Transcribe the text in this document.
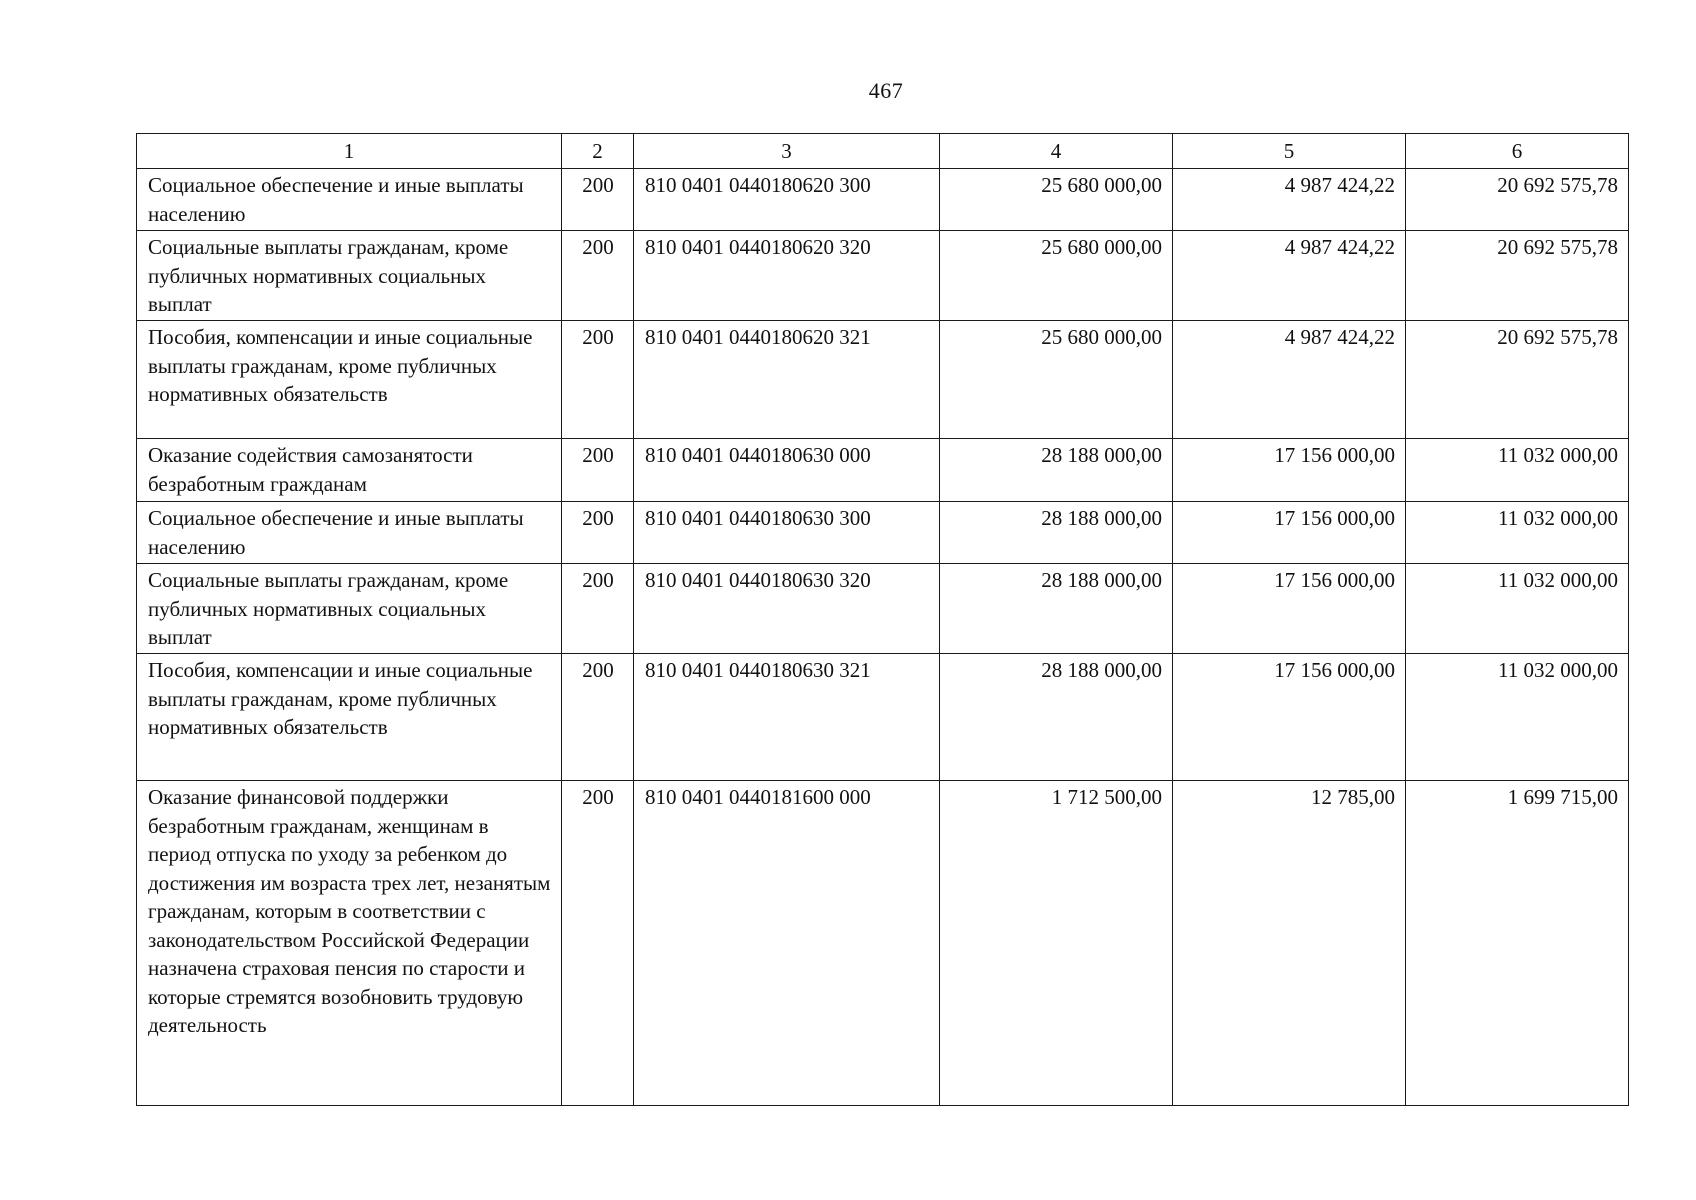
467
1	2	3	4	5	6
Социальное обеспечение и иные выплаты населению	200	810 0401 0440180620 300	25 680 000,00	4 987 424,22	20 692 575,78
Социальные выплаты гражданам, кроме публичных нормативных социальных выплат	200	810 0401 0440180620 320	25 680 000,00	4 987 424,22	20 692 575,78
Пособия, компенсации и иные социальные выплаты гражданам, кроме публичных нормативных обязательств	200	810 0401 0440180620 321	25 680 000,00	4 987 424,22	20 692 575,78
Оказание содействия самозанятости безработным гражданам	200	810 0401 0440180630 000	28 188 000,00	17 156 000,00	11 032 000,00
Социальное обеспечение и иные выплаты населению	200	810 0401 0440180630 300	28 188 000,00	17 156 000,00	11 032 000,00
Социальные выплаты гражданам, кроме публичных нормативных социальных выплат	200	810 0401 0440180630 320	28 188 000,00	17 156 000,00	11 032 000,00
Пособия, компенсации и иные социальные выплаты гражданам, кроме публичных нормативных обязательств	200	810 0401 0440180630 321	28 188 000,00	17 156 000,00	11 032 000,00
Оказание финансовой поддержки безработным гражданам, женщинам в период отпуска по уходу за ребенком до достижения им возраста трех лет, незанятым гражданам, которым в соответствии с законодательством Российской Федерации назначена страховая пенсия по старости и которые стремятся возобновить трудовую деятельность	200	810 0401 0440181600 000	1 712 500,00	12 785,00	1 699 715,00
